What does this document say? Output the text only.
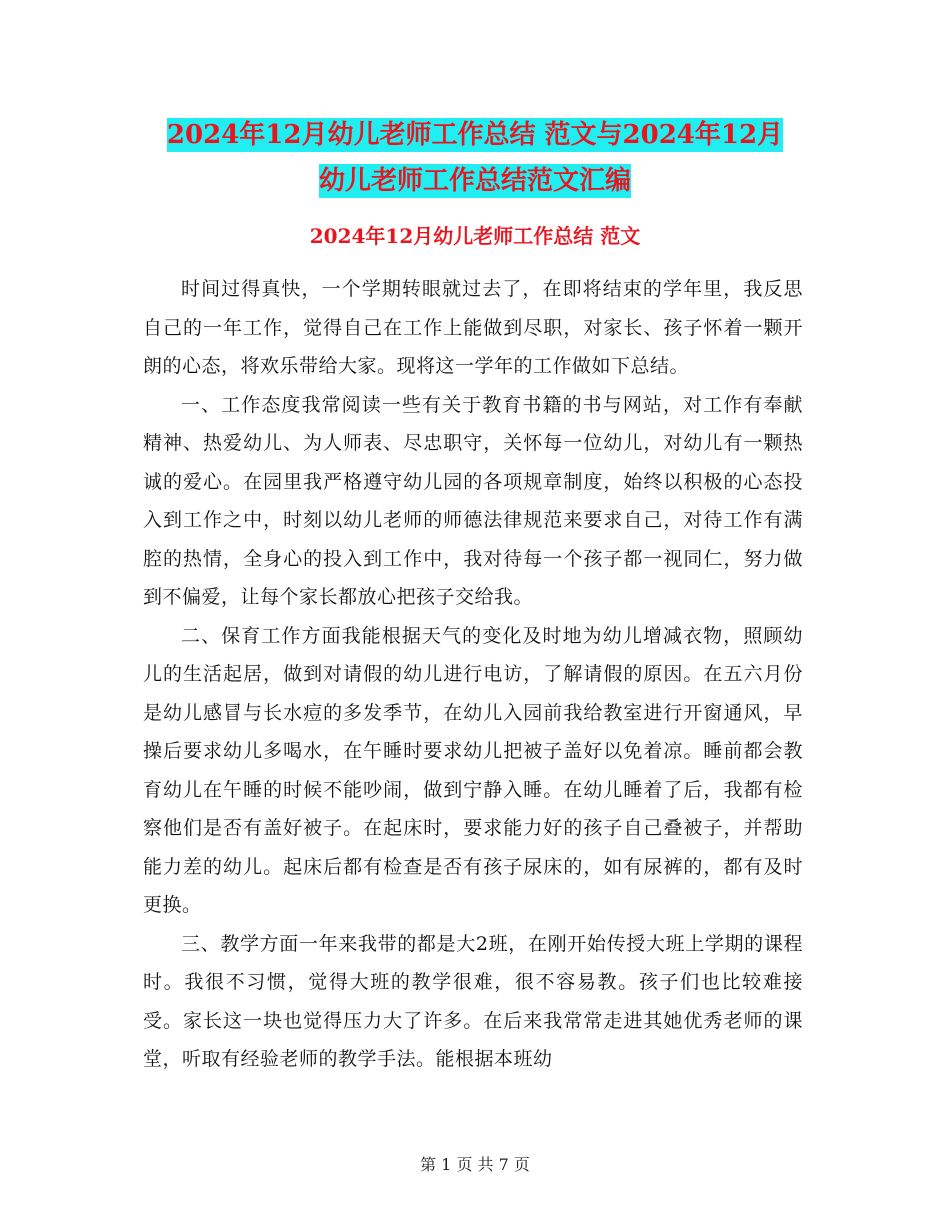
2024年12月幼儿老师工作总结 范文与2024年12月
幼儿老师工作总结范文汇编
2024年12月幼儿老师工作总结 范文

时间过得真快，一个学期转眼就过去了，在即将结束的学年里，我反思自己的一年工作，觉得自己在工作上能做到尽职，对家长、孩子怀着一颗开朗的心态，将欢乐带给大家。现将这一学年的工作做如下总结。

一、工作态度我常阅读一些有关于教育书籍的书与网站，对工作有奉献精神、热爱幼儿、为人师表、尽忠职守，关怀每一位幼儿，对幼儿有一颗热诚的爱心。在园里我严格遵守幼儿园的各项规章制度，始终以积极的心态投入到工作之中，时刻以幼儿老师的师德法律规范来要求自己，对待工作有满腔的热情，全身心的投入到工作中，我对待每一个孩子都一视同仁，努力做到不偏爱，让每个家长都放心把孩子交给我。

二、保育工作方面我能根据天气的变化及时地为幼儿增减衣物，照顾幼儿的生活起居，做到对请假的幼儿进行电访，了解请假的原因。在五六月份是幼儿感冒与长水痘的多发季节，在幼儿入园前我给教室进行开窗通风，早操后要求幼儿多喝水，在午睡时要求幼儿把被子盖好以免着凉。睡前都会教育幼儿在午睡的时候不能吵闹，做到宁静入睡。在幼儿睡着了后，我都有检察他们是否有盖好被子。在起床时，要求能力好的孩子自己叠被子，并帮助能力差的幼儿。起床后都有检查是否有孩子尿床的，如有尿裤的，都有及时更换。

三、教学方面一年来我带的都是大2班，在刚开始传授大班上学期的课程时。我很不习惯，觉得大班的教学很难，很不容易教。孩子们也比较难接受。家长这一块也觉得压力大了许多。在后来我常常走进其她优秀老师的课堂，听取有经验老师的教学手法。能根据本班幼

第 1 页 共 7 页
